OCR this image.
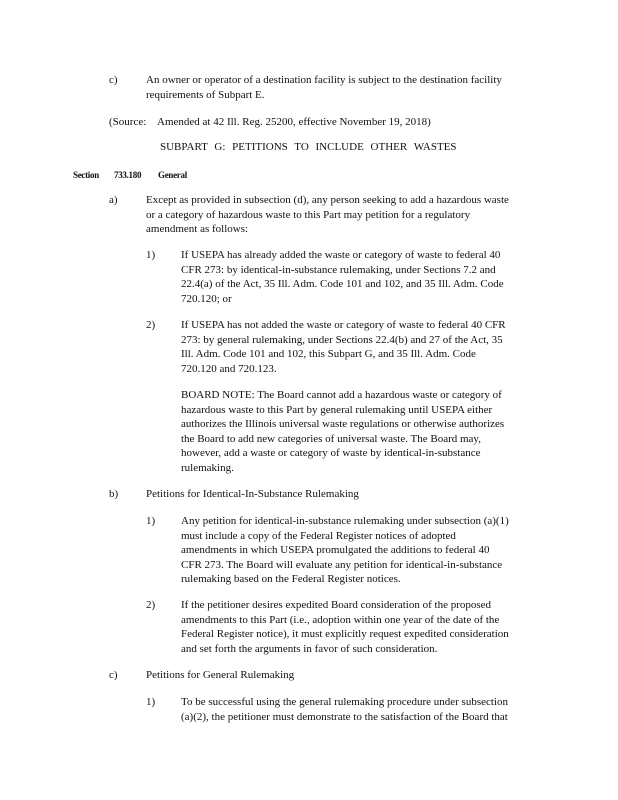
c)	An owner or operator of a destination facility is subject to the destination facility
requirements of Subpart E.
(Source: Amended at 42 Ill. Reg. 25200, effective November 19, 2018)
SUBPART G: PETITIONS TO INCLUDE OTHER WASTES
Section 733.180 General
a)	Except as provided in subsection (d), any person seeking to add a hazardous waste
or a category of hazardous waste to this Part may petition for a regulatory
amendment as follows:
1) If USEPA has already added the waste or category of waste to federal 40
CFR 273: by identical-in-substance rulemaking, under Sections 7.2 and
22.4(a) of the Act, 35 Ill. Adm. Code 101 and 102, and 35 Ill. Adm. Code
720.120; or
2) If USEPA has not added the waste or category of waste to federal 40 CFR
273: by general rulemaking, under Sections 22.4(b) and 27 of the Act, 35
Ill. Adm. Code 101 and 102, this Subpart G, and 35 Ill. Adm. Code
720.120 and 720.123.
BOARD NOTE: The Board cannot add a hazardous waste or category of
hazardous waste to this Part by general rulemaking until USEPA either
authorizes the Illinois universal waste regulations or otherwise authorizes
the Board to add new categories of universal waste. The Board may,
however, add a waste or category of waste by identical-in-substance
rulemaking.
b)	Petitions for Identical-In-Substance Rulemaking
1) Any petition for identical-in-substance rulemaking under subsection (a)(1)
must include a copy of the Federal Register notices of adopted
amendments in which USEPA promulgated the additions to federal 40
CFR 273. The Board will evaluate any petition for identical-in-substance
rulemaking based on the Federal Register notices.
2) If the petitioner desires expedited Board consideration of the proposed
amendments to this Part (i.e., adoption within one year of the date of the
Federal Register notice), it must explicitly request expedited consideration
and set forth the arguments in favor of such consideration.
c)	Petitions for General Rulemaking
1) To be successful using the general rulemaking procedure under subsection
(a)(2), the petitioner must demonstrate to the satisfaction of the Board that
